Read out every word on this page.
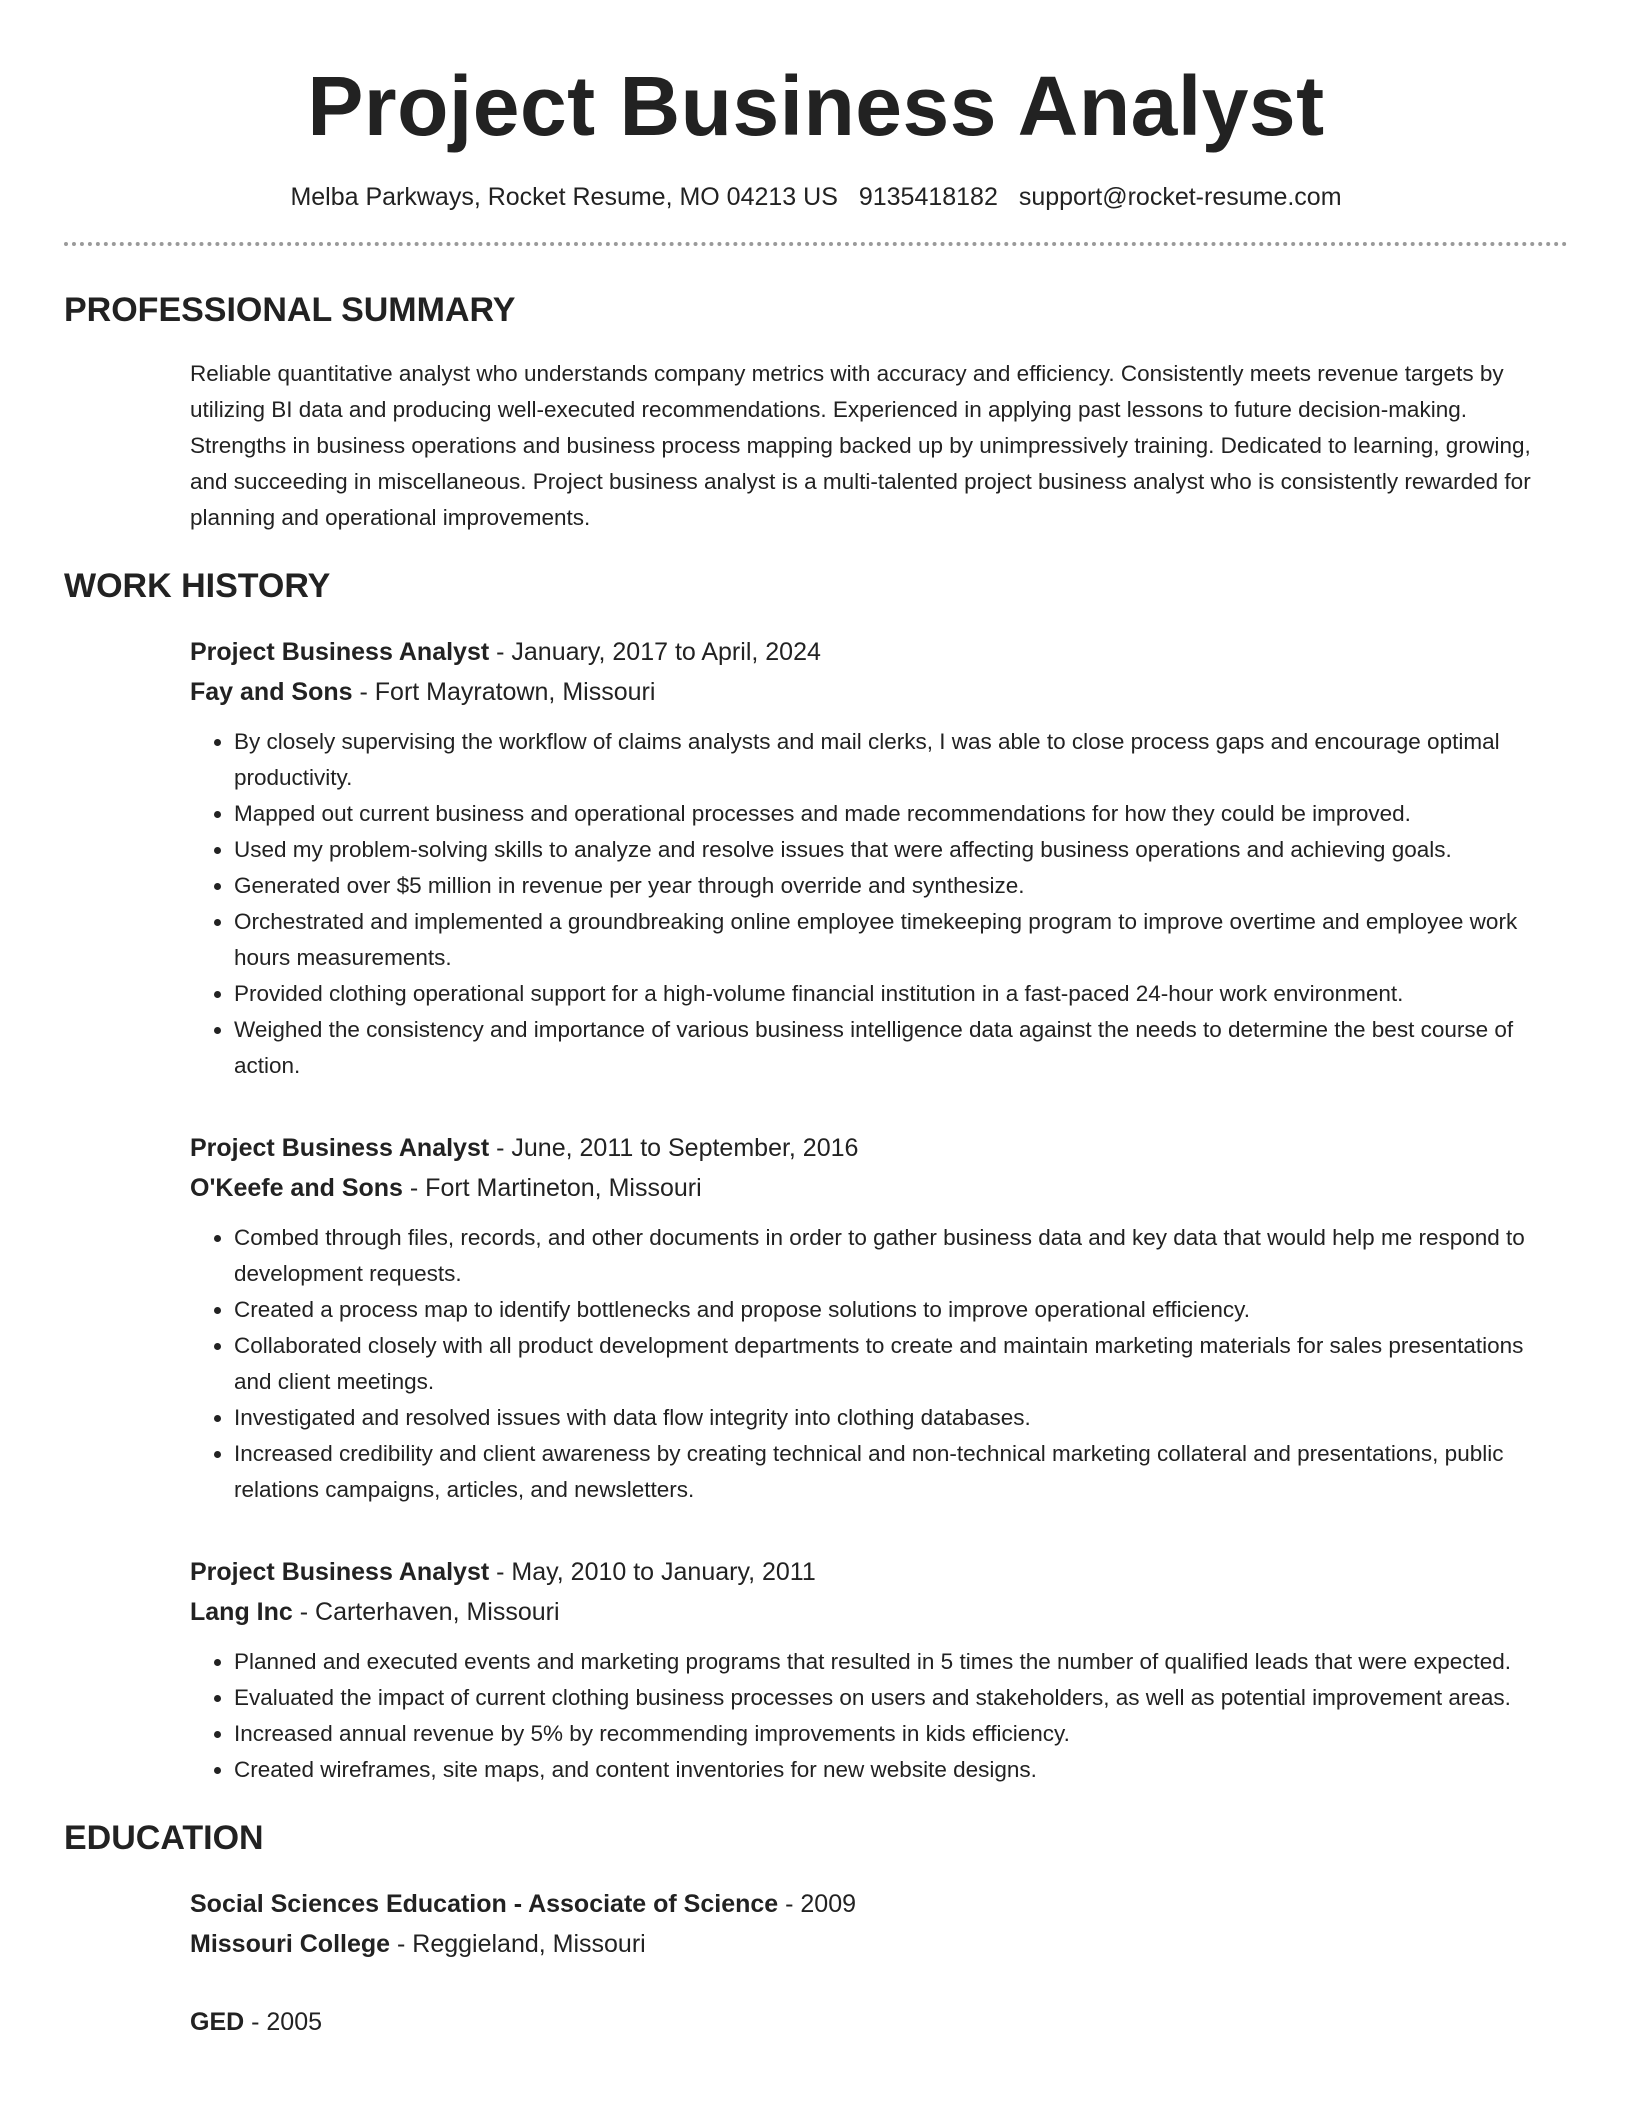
Project Business Analyst
Melba Parkways, Rocket Resume, MO 04213 US 9135418182 support@rocket-resume.com
PROFESSIONAL SUMMARY

Reliable quantitative analyst who understands company metrics with accuracy and efficiency. Consistently meets revenue targets by utilizing BI data and producing well-executed recommendations. Experienced in applying past lessons to future decision-making. Strengths in business operations and business process mapping backed up by unimpressively training. Dedicated to learning, growing, and succeeding in miscellaneous. Project business analyst is a multi-talented project business analyst who is consistently rewarded for planning and operational improvements.

WORK HISTORY
Project Business Analyst - January, 2017 to April, 2024
Fay and Sons - Fort Mayratown, Missouri
• By closely supervising the workflow of claims analysts and mail clerks, I was able to close process gaps and encourage optimal productivity.
• Mapped out current business and operational processes and made recommendations for how they could be improved.
• Used my problem-solving skills to analyze and resolve issues that were affecting business operations and achieving goals.
• Generated over $5 million in revenue per year through override and synthesize.
• Orchestrated and implemented a groundbreaking online employee timekeeping program to improve overtime and employee work hours measurements.
• Provided clothing operational support for a high-volume financial institution in a fast-paced 24-hour work environment.
• Weighed the consistency and importance of various business intelligence data against the needs to determine the best course of action.
Project Business Analyst - June, 2011 to September, 2016
O'Keefe and Sons - Fort Martineton, Missouri
• Combed through files, records, and other documents in order to gather business data and key data that would help me respond to development requests.
• Created a process map to identify bottlenecks and propose solutions to improve operational efficiency.
• Collaborated closely with all product development departments to create and maintain marketing materials for sales presentations and client meetings.
• Investigated and resolved issues with data flow integrity into clothing databases.
• Increased credibility and client awareness by creating technical and non-technical marketing collateral and presentations, public relations campaigns, articles, and newsletters.
Project Business Analyst - May, 2010 to January, 2011
Lang Inc - Carterhaven, Missouri
• Planned and executed events and marketing programs that resulted in 5 times the number of qualified leads that were expected.
• Evaluated the impact of current clothing business processes on users and stakeholders, as well as potential improvement areas.
• Increased annual revenue by 5% by recommending improvements in kids efficiency.
• Created wireframes, site maps, and content inventories for new website designs.
EDUCATION
Social Sciences Education - Associate of Science - 2009
Missouri College - Reggieland, Missouri
GED - 2005
